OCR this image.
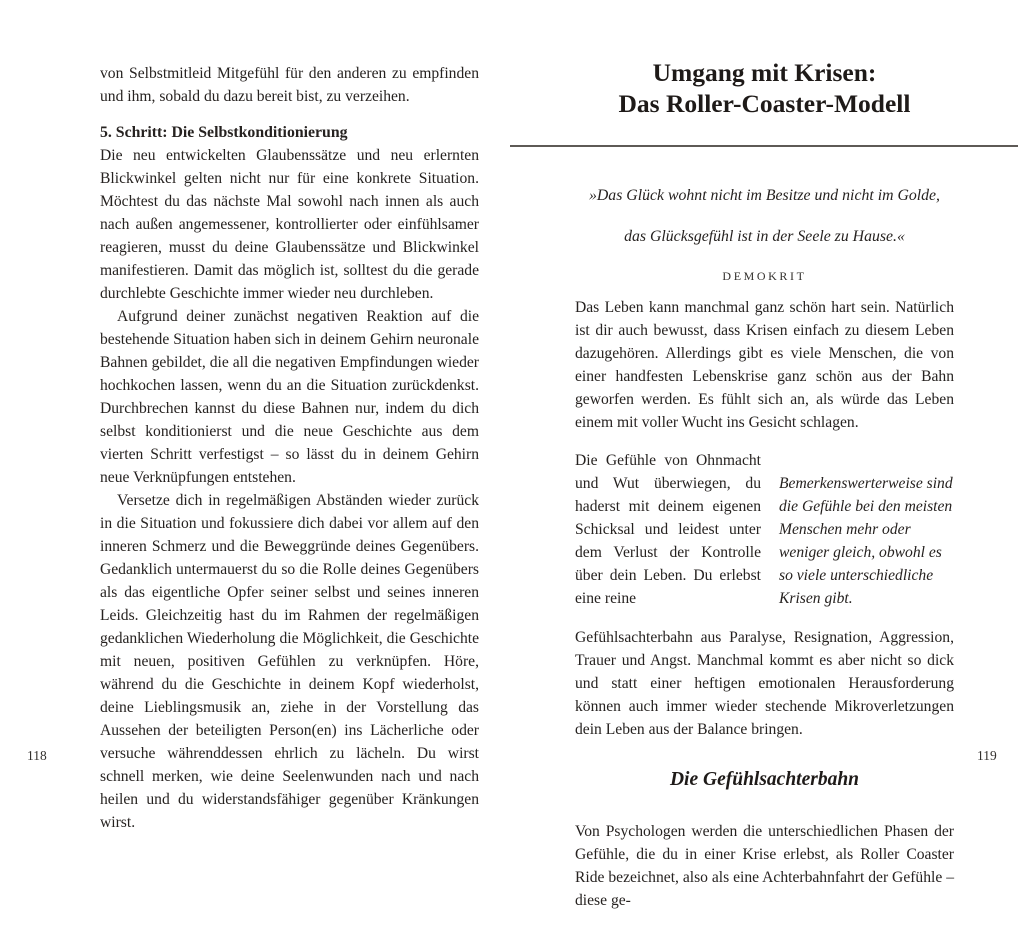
von Selbstmitleid Mitgefühl für den anderen zu empfinden und ihm, sobald du dazu bereit bist, zu verzeihen.

5. Schritt: Die Selbstkonditionierung

Die neu entwickelten Glaubenssätze und neu erlernten Blickwinkel gelten nicht nur für eine konkrete Situation. Möchtest du das nächste Mal sowohl nach innen als auch nach außen angemessener, kontrollierter oder einfühlsamer reagieren, musst du deine Glaubenssätze und Blickwinkel manifestieren. Damit das möglich ist, solltest du die gerade durchlebte Geschichte immer wieder neu durchleben.

Aufgrund deiner zunächst negativen Reaktion auf die bestehende Situation haben sich in deinem Gehirn neuronale Bahnen gebildet, die all die negativen Empfindungen wieder hochkochen lassen, wenn du an die Situation zurückdenkst. Durchbrechen kannst du diese Bahnen nur, indem du dich selbst konditionierst und die neue Geschichte aus dem vierten Schritt verfestigst – so lässt du in deinem Gehirn neue Verknüpfungen entstehen.

Versetze dich in regelmäßigen Abständen wieder zurück in die Situation und fokussiere dich dabei vor allem auf den inneren Schmerz und die Beweggründe deines Gegenübers. Gedanklich untermauerst du so die Rolle deines Gegenübers als das eigentliche Opfer seiner selbst und seines inneren Leids. Gleichzeitig hast du im Rahmen der regelmäßigen gedanklichen Wiederholung die Möglichkeit, die Geschichte mit neuen, positiven Gefühlen zu verknüpfen. Höre, während du die Geschichte in deinem Kopf wiederholst, deine Lieblingsmusik an, ziehe in der Vorstellung das Aussehen der beteiligten Person(en) ins Lächerliche oder versuche währenddessen ehrlich zu lächeln. Du wirst schnell merken, wie deine Seelenwunden nach und nach heilen und du widerstandsfähiger gegenüber Kränkungen wirst.

118
Umgang mit Krisen:
Das Roller-Coaster-Modell

»Das Glück wohnt nicht im Besitze und nicht im Golde,

das Glücksgefühl ist in der Seele zu Hause.«

DEMOKRIT

Das Leben kann manchmal ganz schön hart sein. Natürlich ist dir auch bewusst, dass Krisen einfach zu diesem Leben dazugehören. Allerdings gibt es viele Menschen, die von einer handfesten Lebenskrise ganz schön aus der Bahn geworfen werden. Es fühlt sich an, als würde das Leben einem mit voller Wucht ins Gesicht schlagen.

Die Gefühle von Ohnmacht und Wut überwiegen, du haderst mit deinem eigenen Schicksal und leidest unter dem Verlust der Kontrolle über dein Leben. Du erlebst eine reine
Bemerkenswerterweise sind die Gefühle bei den meisten Menschen mehr oder weniger gleich, obwohl es so viele unterschiedliche Krisen gibt.

Gefühlsachterbahn aus Paralyse, Resignation, Aggression, Trauer und Angst. Manchmal kommt es aber nicht so dick und statt einer heftigen emotionalen Herausforderung können auch immer wieder stechende Mikroverletzungen dein Leben aus der Balance bringen.

Die Gefühlsachterbahn

Von Psychologen werden die unterschiedlichen Phasen der Gefühle, die du in einer Krise erlebst, als Roller Coaster Ride bezeichnet, also als eine Achterbahnfahrt der Gefühle – diese ge-

119
